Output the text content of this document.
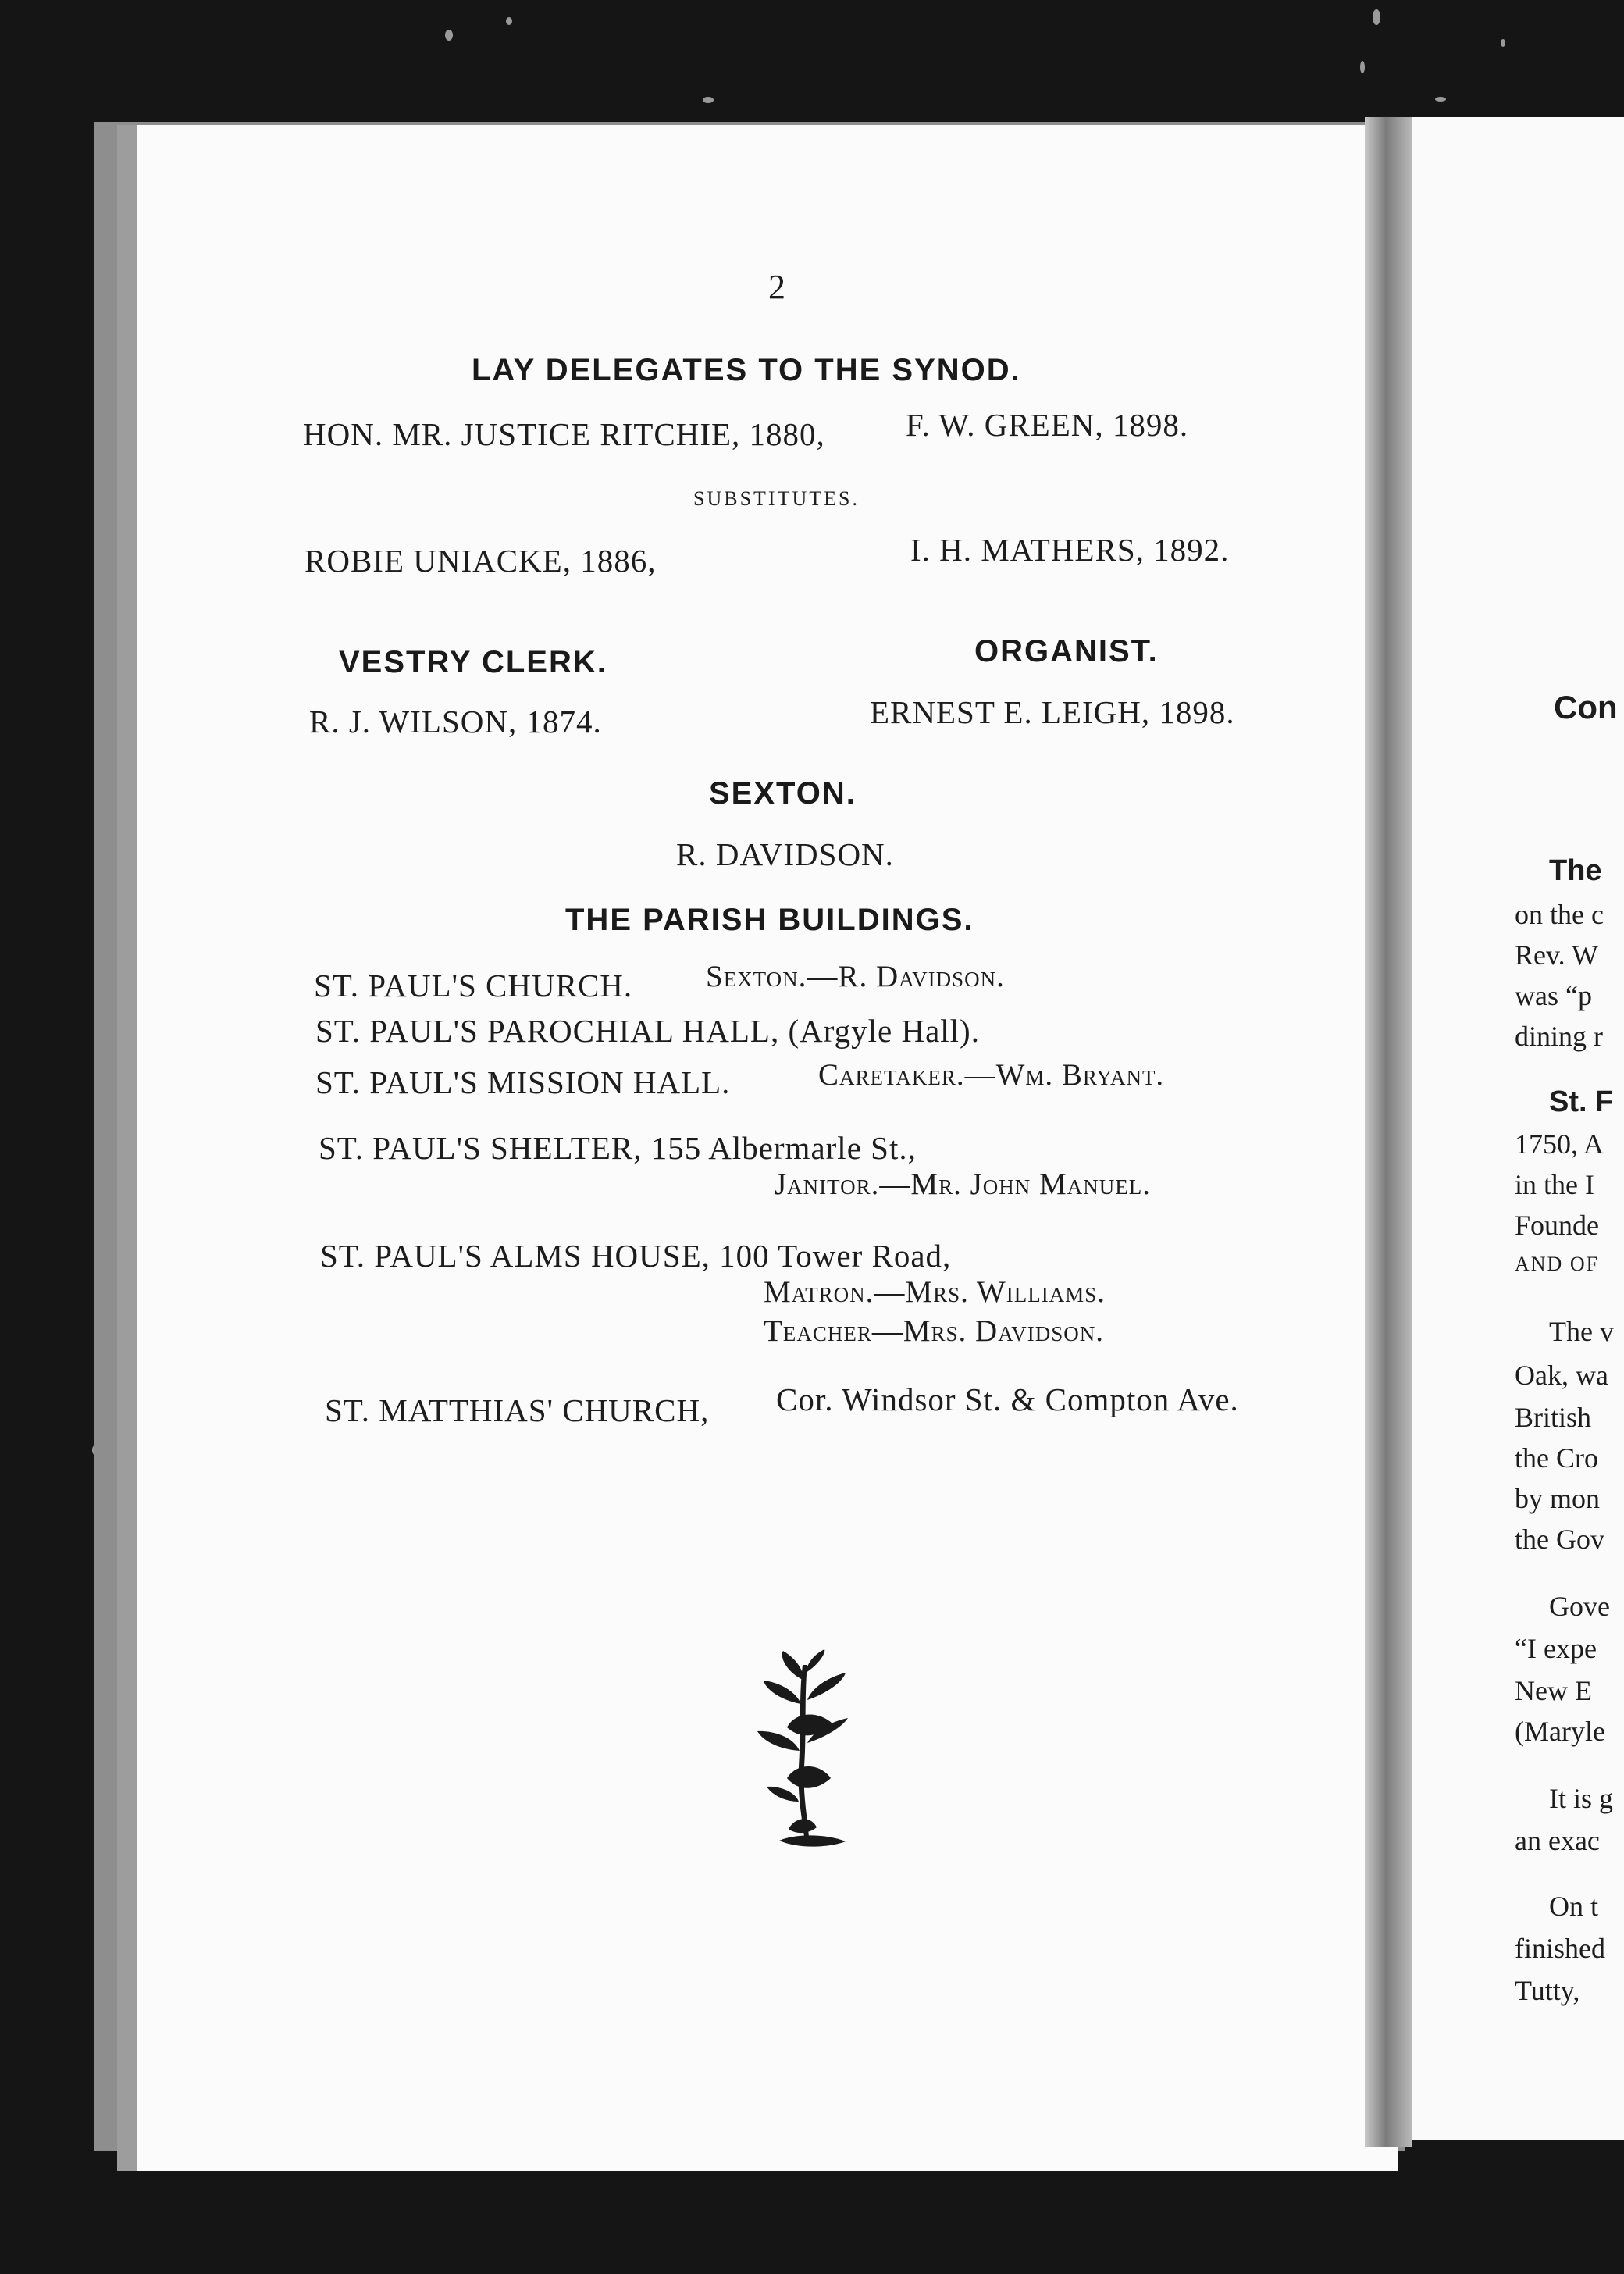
2
LAY DELEGATES TO THE SYNOD.
HON. MR. JUSTICE RITCHIE, 1880,	F. W. GREEN, 1898.
SUBSTITUTES.
ROBIE UNIACKE, 1886,	I. H. MATHERS, 1892.
VESTRY CLERK.
R. J. WILSON, 1874.
ORGANIST.
ERNEST E. LEIGH, 1898.
SEXTON.
R. DAVIDSON.
THE PARISH BUILDINGS.
ST. PAUL'S CHURCH. Sexton.—R. Davidson.
ST. PAUL'S PAROCHIAL HALL, (Argyle Hall).
ST. PAUL'S MISSION HALL.	Caretaker.—Wm. Bryant.
ST. PAUL'S SHELTER, 155 Albermarle St.,
Janitor.—Mr. John Manuel.
ST. PAUL'S ALMS HOUSE, 100 Tower Road,
Matron.—Mrs. Williams.
Teacher—Mrs. Davidson.
ST. MATTHIAS' CHURCH, Cor. Windsor St. & Compton Ave.
Con
The
on the c
Rev. W
was “p
dining r
St. F
1750, A
in the I
Founde
AND OF
The v
Oak, wa
British
the Cro
by mon
the Gov
Gove
“I expe
New E
(Maryle
It is g
an exac
On t
finished
Tutty,
